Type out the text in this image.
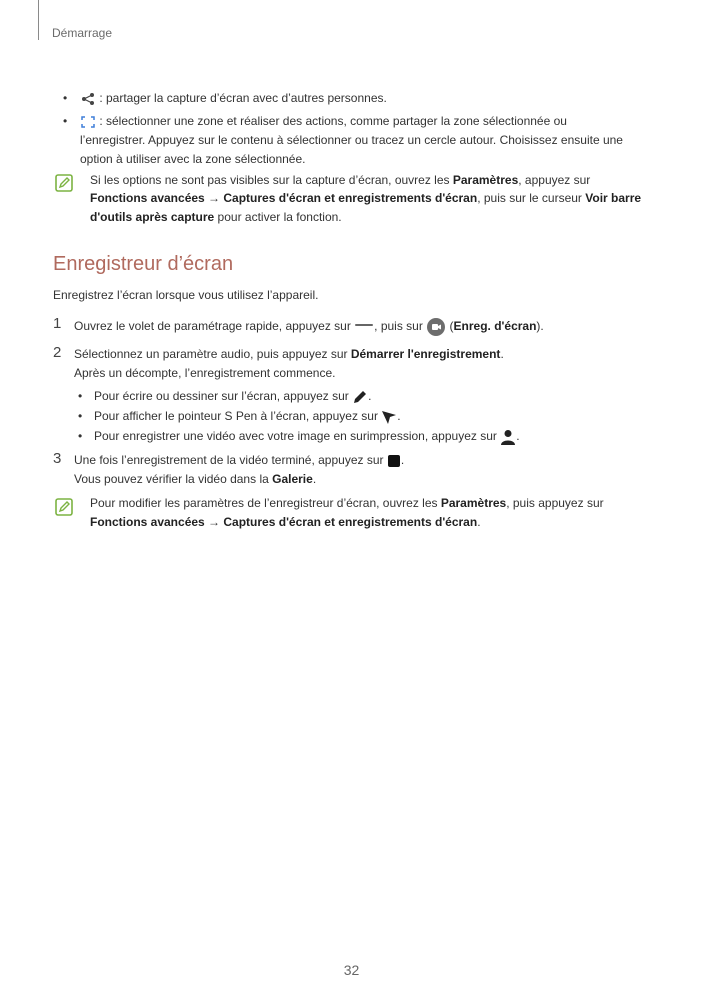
Démarrage
•	: partager la capture d’écran avec d’autres personnes.
•	: sélectionner une zone et réaliser des actions, comme partager la zone sélectionnée ou
l’enregistrer. Appuyez sur le contenu à sélectionner ou tracez un cercle autour. Choisissez ensuite une
option à utiliser avec la zone sélectionnée.
Si les options ne sont pas visibles sur la capture d’écran, ouvrez les Paramètres, appuyez sur
Fonctions avancées → Captures d'écran et enregistrements d'écran, puis sur le curseur Voir barre
d'outils après capture pour activer la fonction.
Enregistreur d’écran
Enregistrez l’écran lorsque vous utilisez l’appareil.
1 Ouvrez le volet de paramétrage rapide, appuyez sur , puis sur  (Enreg. d'écran).
2 Sélectionnez un paramètre audio, puis appuyez sur Démarrer l'enregistrement.
Après un décompte, l’enregistrement commence.
• Pour écrire ou dessiner sur l’écran, appuyez sur .
• Pour afficher le pointeur S Pen à l’écran, appuyez sur .
• Pour enregistrer une vidéo avec votre image en surimpression, appuyez sur .
3 Une fois l’enregistrement de la vidéo terminé, appuyez sur .
Vous pouvez vérifier la vidéo dans la Galerie.
Pour modifier les paramètres de l’enregistreur d’écran, ouvrez les Paramètres, puis appuyez sur
Fonctions avancées → Captures d'écran et enregistrements d'écran.
32
